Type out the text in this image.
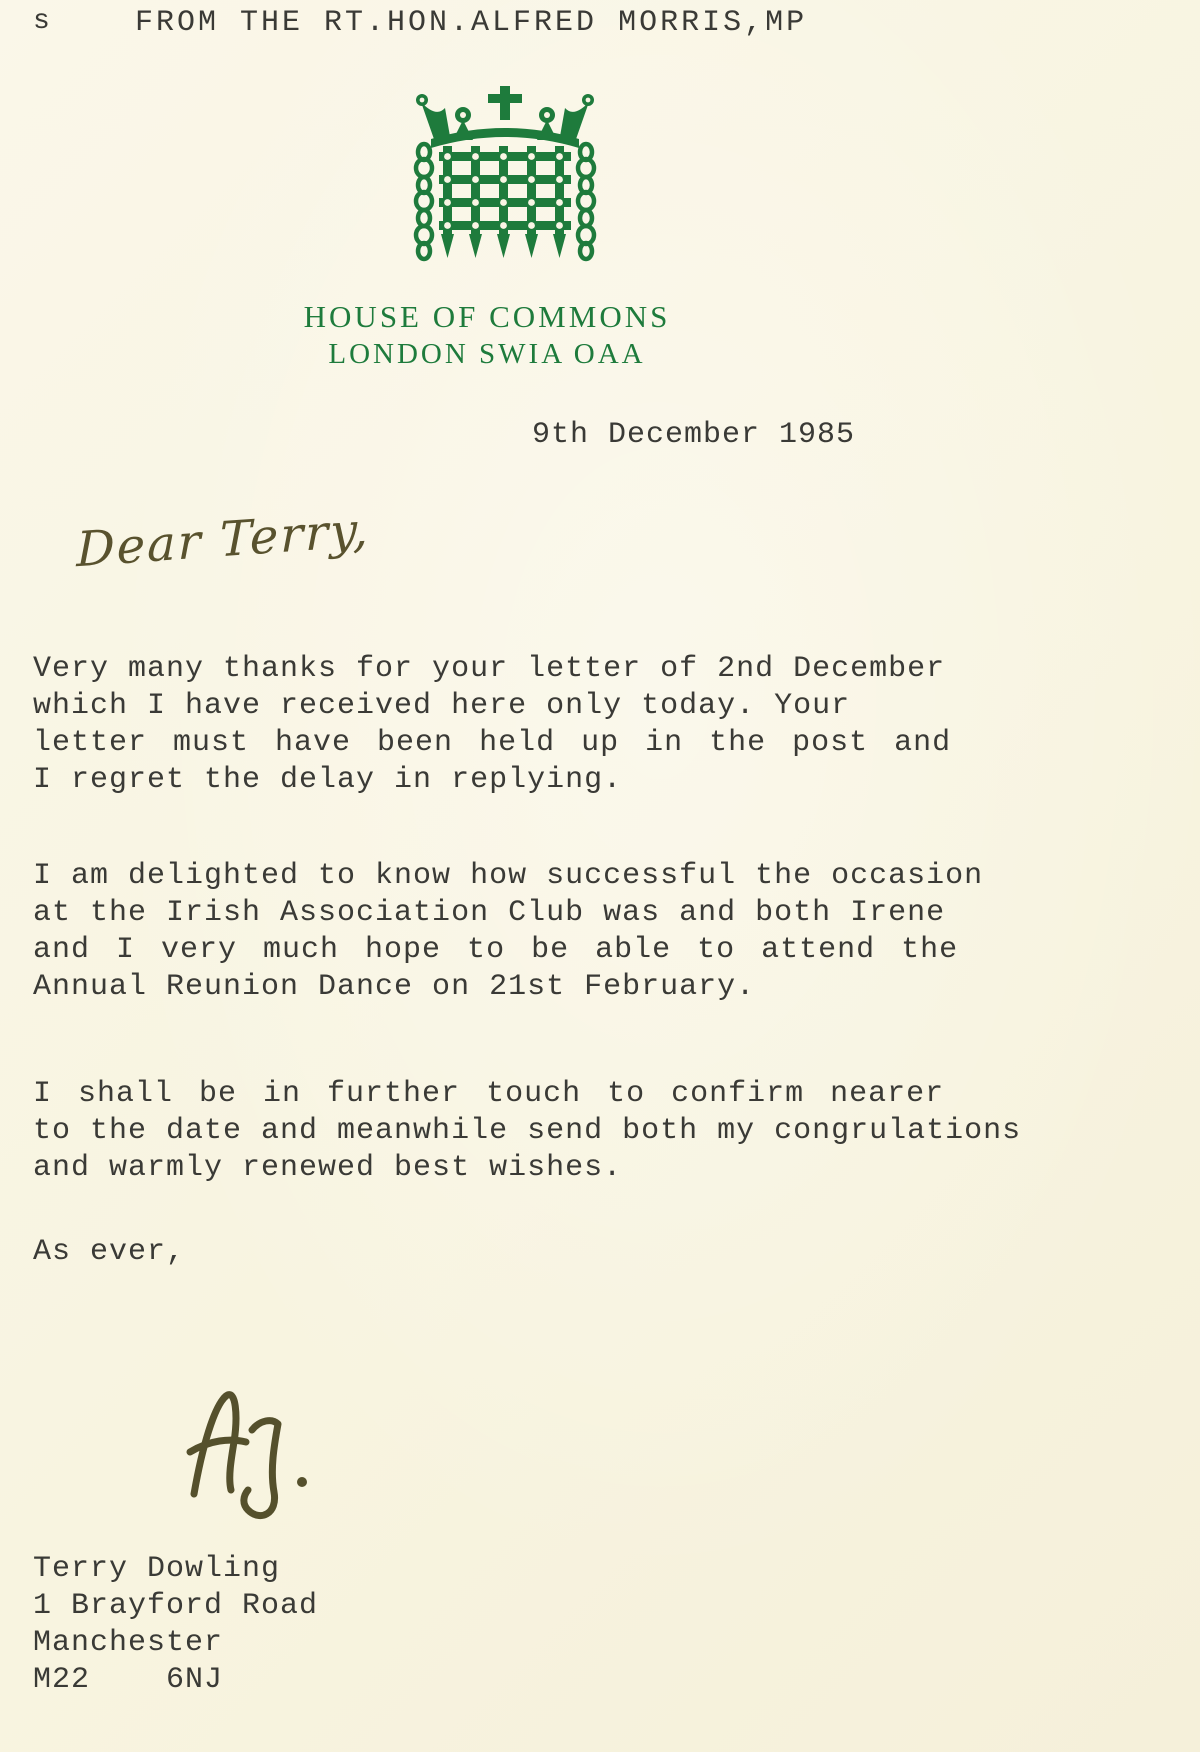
s	FROM THE RT.HON.ALFRED MORRIS,MP
HOUSE OF COMMONS
LONDON SWIA OAA
9th December 1985
Dear Terry,
Very many thanks for your letter of 2nd December
which I have received here only today. Your
letter must have been held up in the post and
I regret the delay in replying.
I am delighted to know how successful the occasion
at the Irish Association Club was and both Irene
and I very much hope to be able to attend the
Annual Reunion Dance on 21st February.
I shall be in further touch to confirm nearer
to the date and meanwhile send both my congrulations
and warmly renewed best wishes.
As ever,
Terry Dowling
1 Brayford Road
Manchester
M22    6NJ
